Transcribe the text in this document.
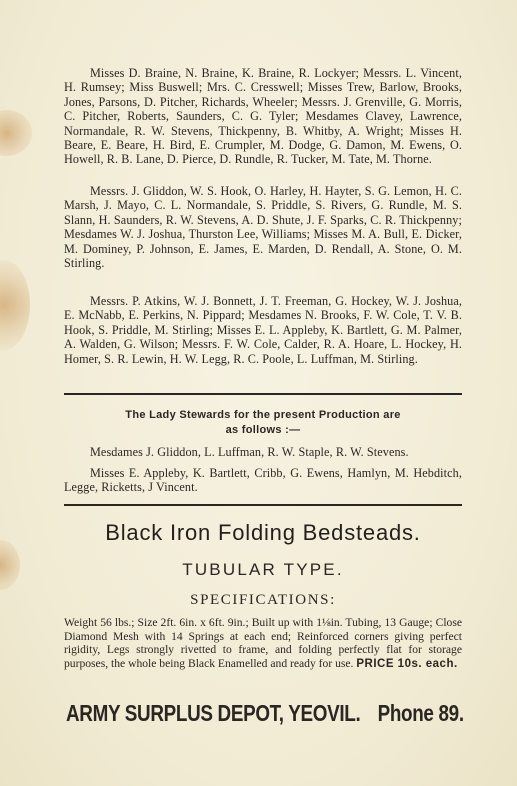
Misses D. Braine, N. Braine, K. Braine, R. Lockyer; Messrs. L. Vincent, H. Rumsey; Miss Buswell; Mrs. C. Cresswell; Misses Trew, Barlow, Brooks, Jones, Parsons, D. Pitcher, Richards, Wheeler; Messrs. J. Grenville, G. Morris, C. Pitcher, Roberts, Saunders, C. G. Tyler; Mesdames Clavey, Lawrence, Normandale, R. W. Stevens, Thickpenny, B. Whitby, A. Wright; Misses H. Beare, E. Beare, H. Bird, E. Crumpler, M. Dodge, G. Damon, M. Ewens, O. Howell, R. B. Lane, D. Pierce, D. Rundle, R. Tucker, M. Tate, M. Thorne.

Messrs. J. Gliddon, W. S. Hook, O. Harley, H. Hayter, S. G. Lemon, H. C. Marsh, J. Mayo, C. L. Normandale, S. Priddle, S. Rivers, G. Rundle, M. S. Slann, H. Saunders, R. W. Stevens, A. D. Shute, J. F. Sparks, C. R. Thickpenny; Mesdames W. J. Joshua, Thurston Lee, Williams; Misses M. A. Bull, E. Dicker, M. Dominey, P. Johnson, E. James, E. Marden, D. Rendall, A. Stone, O. M. Stirling.

Messrs. P. Atkins, W. J. Bonnett, J. T. Freeman, G. Hockey, W. J. Joshua, E. McNabb, E. Perkins, N. Pippard; Mesdames N. Brooks, F. W. Cole, T. V. B. Hook, S. Priddle, M. Stirling; Misses E. L. Appleby, K. Bartlett, G. M. Palmer, A. Walden, G. Wilson; Messrs. F. W. Cole, Calder, R. A. Hoare, L. Hockey, H. Homer, S. R. Lewin, H. W. Legg, R. C. Poole, L. Luffman, M. Stirling.

The Lady Stewards for the present Production are
as follows :—

Mesdames J. Gliddon, L. Luffman, R. W. Staple, R. W. Stevens.

Misses E. Appleby, K. Bartlett, Cribb, G. Ewens, Hamlyn, M. Hebditch, Legge, Ricketts, J Vincent.

Black Iron Folding Bedsteads.
TUBULAR TYPE.
SPECIFICATIONS:

Weight 56 lbs.; Size 2ft. 6in. x 6ft. 9in.; Built up with 1⅛in. Tubing, 13 Gauge; Close Diamond Mesh with 14 Springs at each end; Reinforced corners giving perfect rigidity, Legs strongly rivetted to frame, and folding perfectly flat for storage purposes, the whole being Black Enamelled and ready for use. PRICE 10s. each.

ARMY SURPLUS DEPOT, YEOVIL. Phone 89.
